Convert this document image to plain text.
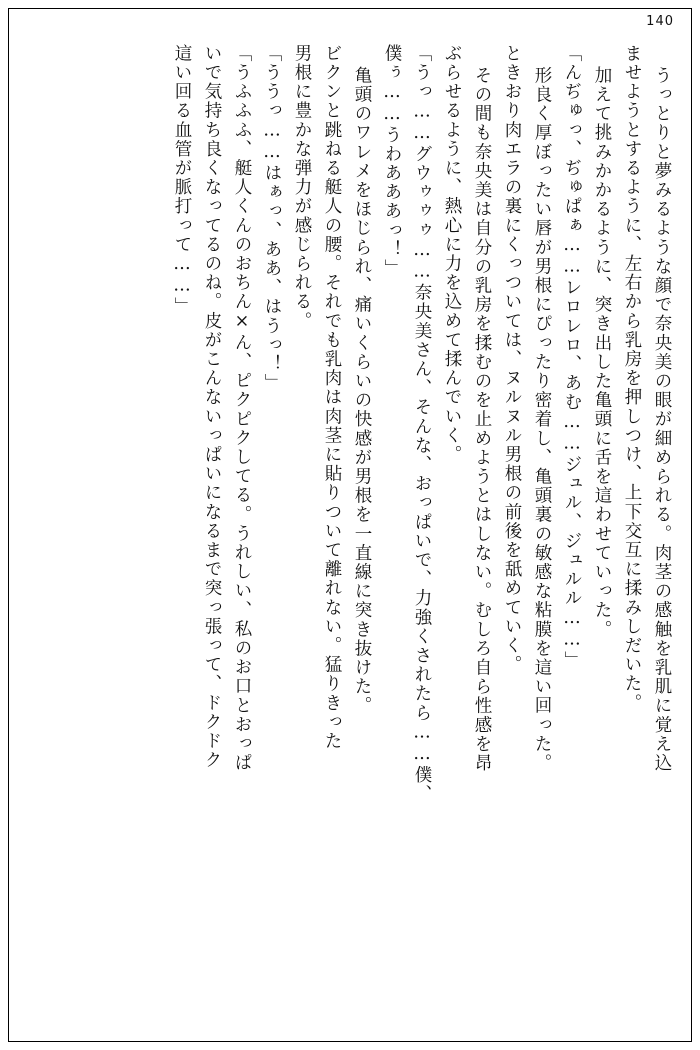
140
うっとりと夢みるような顔で奈央美の眼が細められる。肉茎の感触を乳肌に覚え込
ませようとするように、左右から乳房を押しつけ、上下交互に揉みしだいた。
加えて挑みかかるように、突き出した亀頭に舌を這わせていった。
「んぢゅっ、ぢゅぱぁ……レロレロ、あむ……ジュル、ジュルル……」
形良く厚ぼったい唇が男根にぴったり密着し、亀頭裏の敏感な粘膜を這い回った。
ときおり肉エラの裏にくっついては、ヌルヌル男根の前後を舐めていく。
その間も奈央美は自分の乳房を揉むのを止めようとはしない。むしろ自ら性感を昂
ぶらせるように、熱心に力を込めて揉んでいく。
「うっ……グウゥゥゥ……奈央美さん、そんな、おっぱいで、力強くされたら……僕、
僕ぅ……うわあああっ！」
亀頭のワレメをほじられ、痛いくらいの快感が男根を一直線に突き抜けた。
ビクンと跳ねる艇人の腰。それでも乳肉は肉茎に貼りついて離れない。猛りきった
男根に豊かな弾力が感じられる。
「ううっ……はぁっ、ああ、はうっ！」
「うふふふ、艇人くんのおちん×ん、ピクピクしてる。うれしい、私のお口とおっぱ
いで気持ち良くなってるのね。皮がこんないっぱいになるまで突っ張って、ドクドク
這い回る血管が脈打って……」
